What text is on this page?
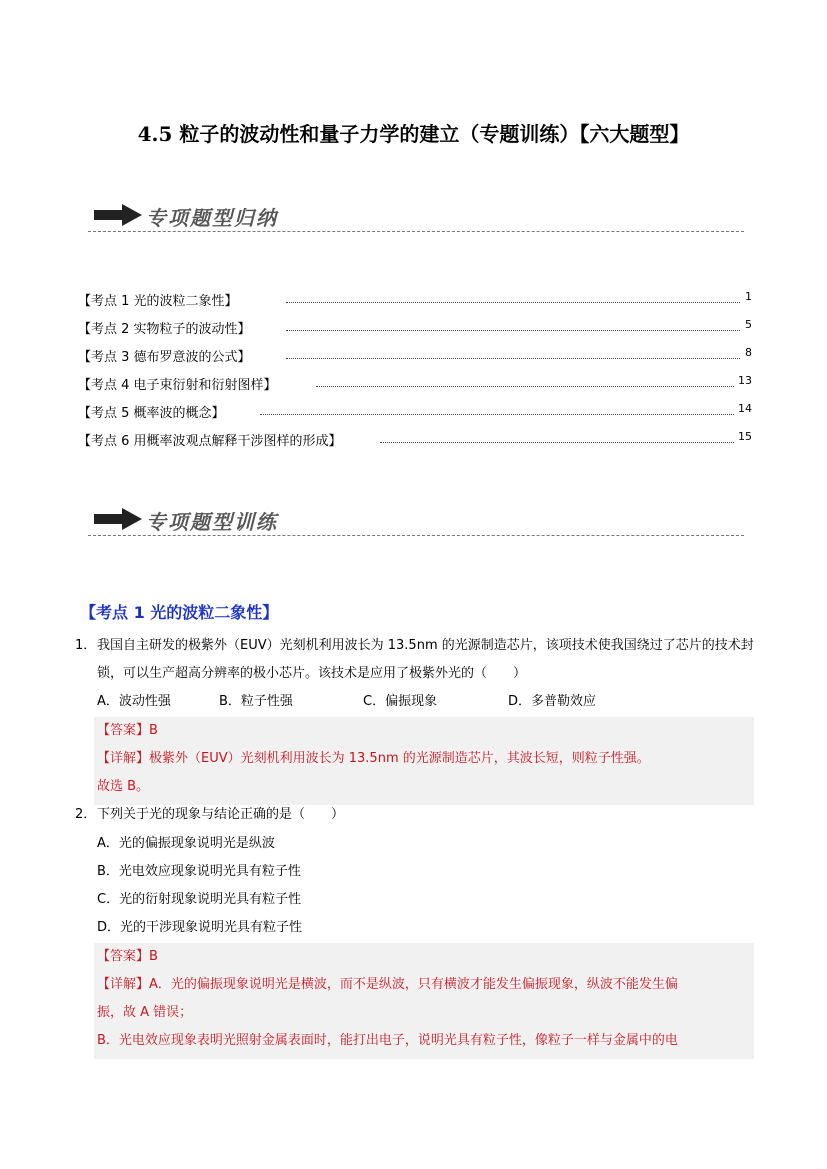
4.5 粒子的波动性和量子力学的建立（专题训练）【六大题型】
专项题型归纳
【考点 1 光的波粒二象性】	1
【考点 2 实物粒子的波动性】	5
【考点 3 德布罗意波的公式】	8
【考点 4 电子束衍射和衍射图样】	13
【考点 5 概率波的概念】	14
【考点 6 用概率波观点解释干涉图样的形成】	15
专项题型训练
【考点 1 光的波粒二象性】
1． 我国自主研发的极紫外（EUV）光刻机利用波长为 13.5nm 的光源制造芯片，该项技术使我国绕过了芯片的技术封锁，可以生产超高分辨率的极小芯片。该技术是应用了极紫外光的（　　）
A．波动性强	B．粒子性强	C．偏振现象	D．多普勒效应
【答案】B
【详解】极紫外（EUV）光刻机利用波长为 13.5nm 的光源制造芯片，其波长短，则粒子性强。
故选 B。
2． 下列关于光的现象与结论正确的是（　　）
A．光的偏振现象说明光是纵波
B．光电效应现象说明光具有粒子性
C．光的衍射现象说明光具有粒子性
D．光的干涉现象说明光具有粒子性
【答案】B
【详解】A．光的偏振现象说明光是横波，而不是纵波，只有横波才能发生偏振现象，纵波不能发生偏
振，故 A 错误；
B．光电效应现象表明光照射金属表面时，能打出电子，说明光具有粒子性，像粒子一样与金属中的电
